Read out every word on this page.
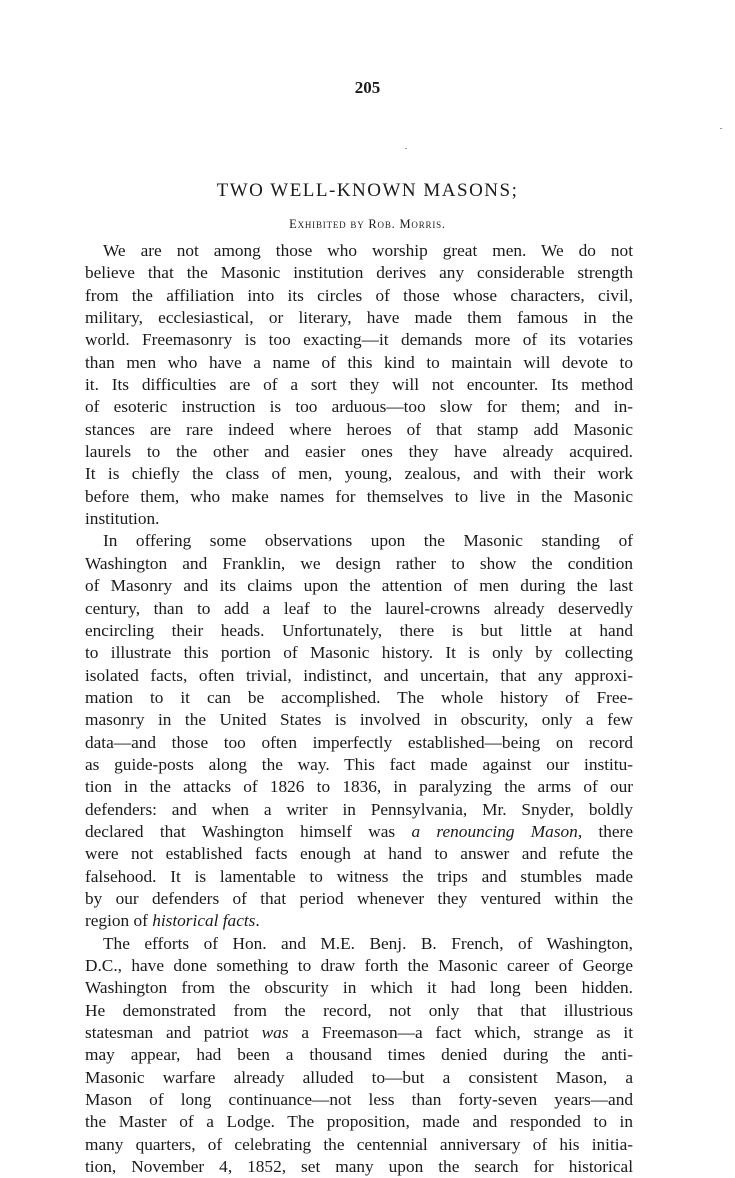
205
TWO WELL-KNOWN MASONS;
Exhibited by Rob. Morris.
We are not among those who worship great men. We do not
believe that the Masonic institution derives any considerable strength
from the affiliation into its circles of those whose characters, civil,
military, ecclesiastical, or literary, have made them famous in the
world. Freemasonry is too exacting—it demands more of its votaries
than men who have a name of this kind to maintain will devote to
it. Its difficulties are of a sort they will not encounter. Its method
of esoteric instruction is too arduous—too slow for them; and in-
stances are rare indeed where heroes of that stamp add Masonic
laurels to the other and easier ones they have already acquired.
It is chiefly the class of men, young, zealous, and with their work
before them, who make names for themselves to live in the Masonic
institution.
In offering some observations upon the Masonic standing of
Washington and Franklin, we design rather to show the condition
of Masonry and its claims upon the attention of men during the last
century, than to add a leaf to the laurel-crowns already deservedly
encircling their heads. Unfortunately, there is but little at hand
to illustrate this portion of Masonic history. It is only by collecting
isolated facts, often trivial, indistinct, and uncertain, that any approxi-
mation to it can be accomplished. The whole history of Free-
masonry in the United States is involved in obscurity, only a few
data—and those too often imperfectly established—being on record
as guide-posts along the way. This fact made against our institu-
tion in the attacks of 1826 to 1836, in paralyzing the arms of our
defenders: and when a writer in Pennsylvania, Mr. Snyder, boldly
declared that Washington himself was a renouncing Mason, there
were not established facts enough at hand to answer and refute the
falsehood. It is lamentable to witness the trips and stumbles made
by our defenders of that period whenever they ventured within the
region of historical facts.
The efforts of Hon. and M.E. Benj. B. French, of Washington,
D.C., have done something to draw forth the Masonic career of George
Washington from the obscurity in which it had long been hidden.
He demonstrated from the record, not only that that illustrious
statesman and patriot was a Freemason—a fact which, strange as it
may appear, had been a thousand times denied during the anti-
Masonic warfare already alluded to—but a consistent Mason, a
Mason of long continuance—not less than forty-seven years—and
the Master of a Lodge. The proposition, made and responded to in
many quarters, of celebrating the centennial anniversary of his initia-
tion, November 4, 1852, set many upon the search for historical
